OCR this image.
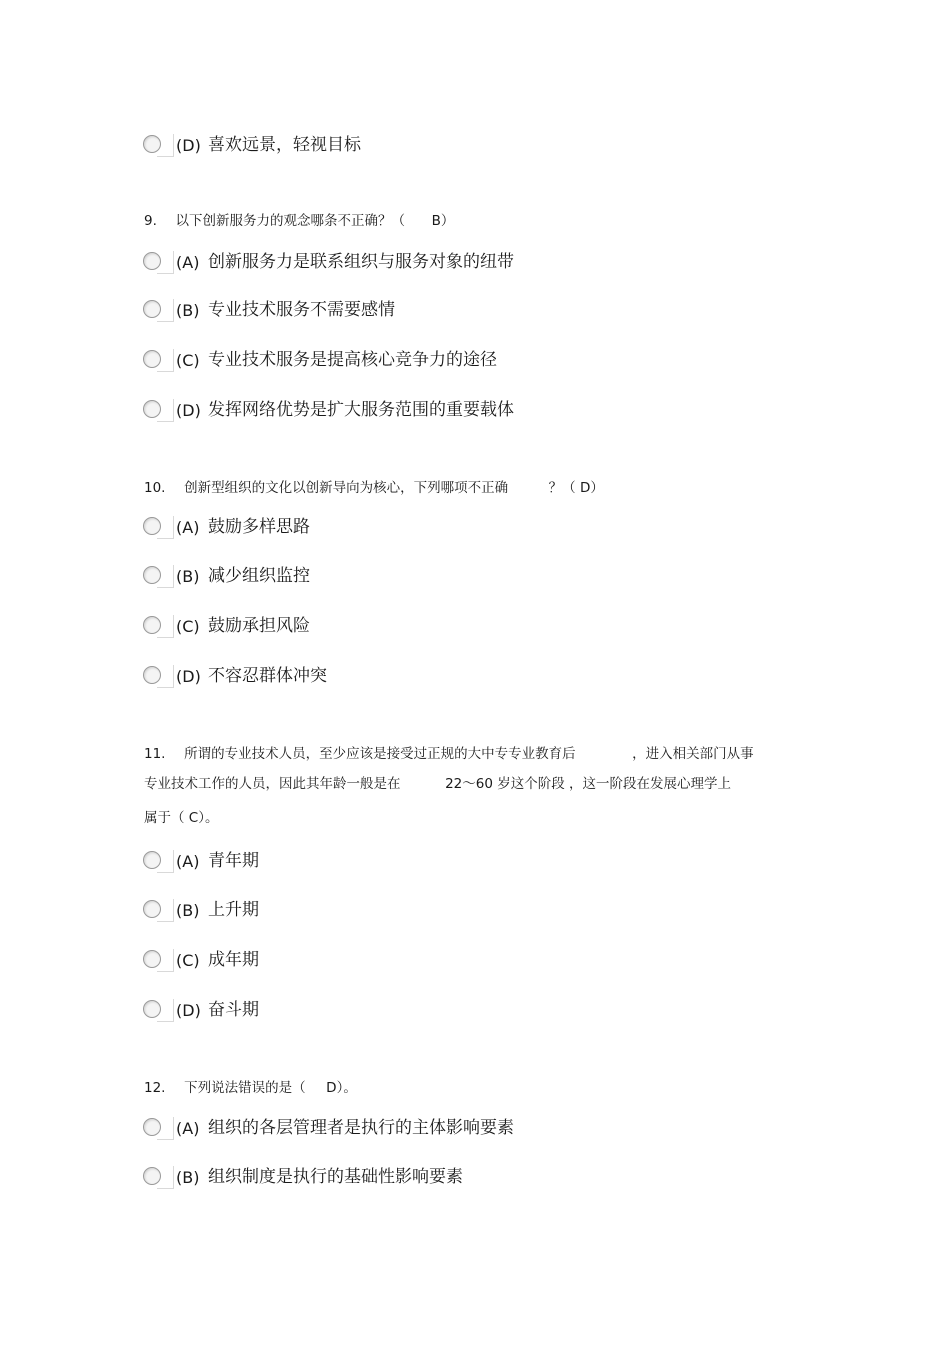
(D) 喜欢远景，轻视目标
9. 以下创新服务力的观念哪条不正确？（ B）
(A) 创新服务力是联系组织与服务对象的纽带
(B) 专业技术服务不需要感情
(C) 专业技术服务是提高核心竞争力的途径
(D) 发挥网络优势是扩大服务范围的重要载体
10. 创新型组织的文化以创新导向为核心，下列哪项不正确	？（ D）
(A) 鼓励多样思路
(B) 减少组织监控
(C) 鼓励承担风险
(D) 不容忍群体冲突
11. 所谓的专业技术人员，至少应该是接受过正规的大中专专业教育后	，进入相关部门从事
专业技术工作的人员，因此其年龄一般是在	22～60 岁这个阶段 ，这一阶段在发展心理学上
属于（ C）。
(A) 青年期
(B) 上升期
(C) 成年期
(D) 奋斗期
12. 下列说法错误的是（ D）。
(A) 组织的各层管理者是执行的主体影响要素
(B) 组织制度是执行的基础性影响要素
